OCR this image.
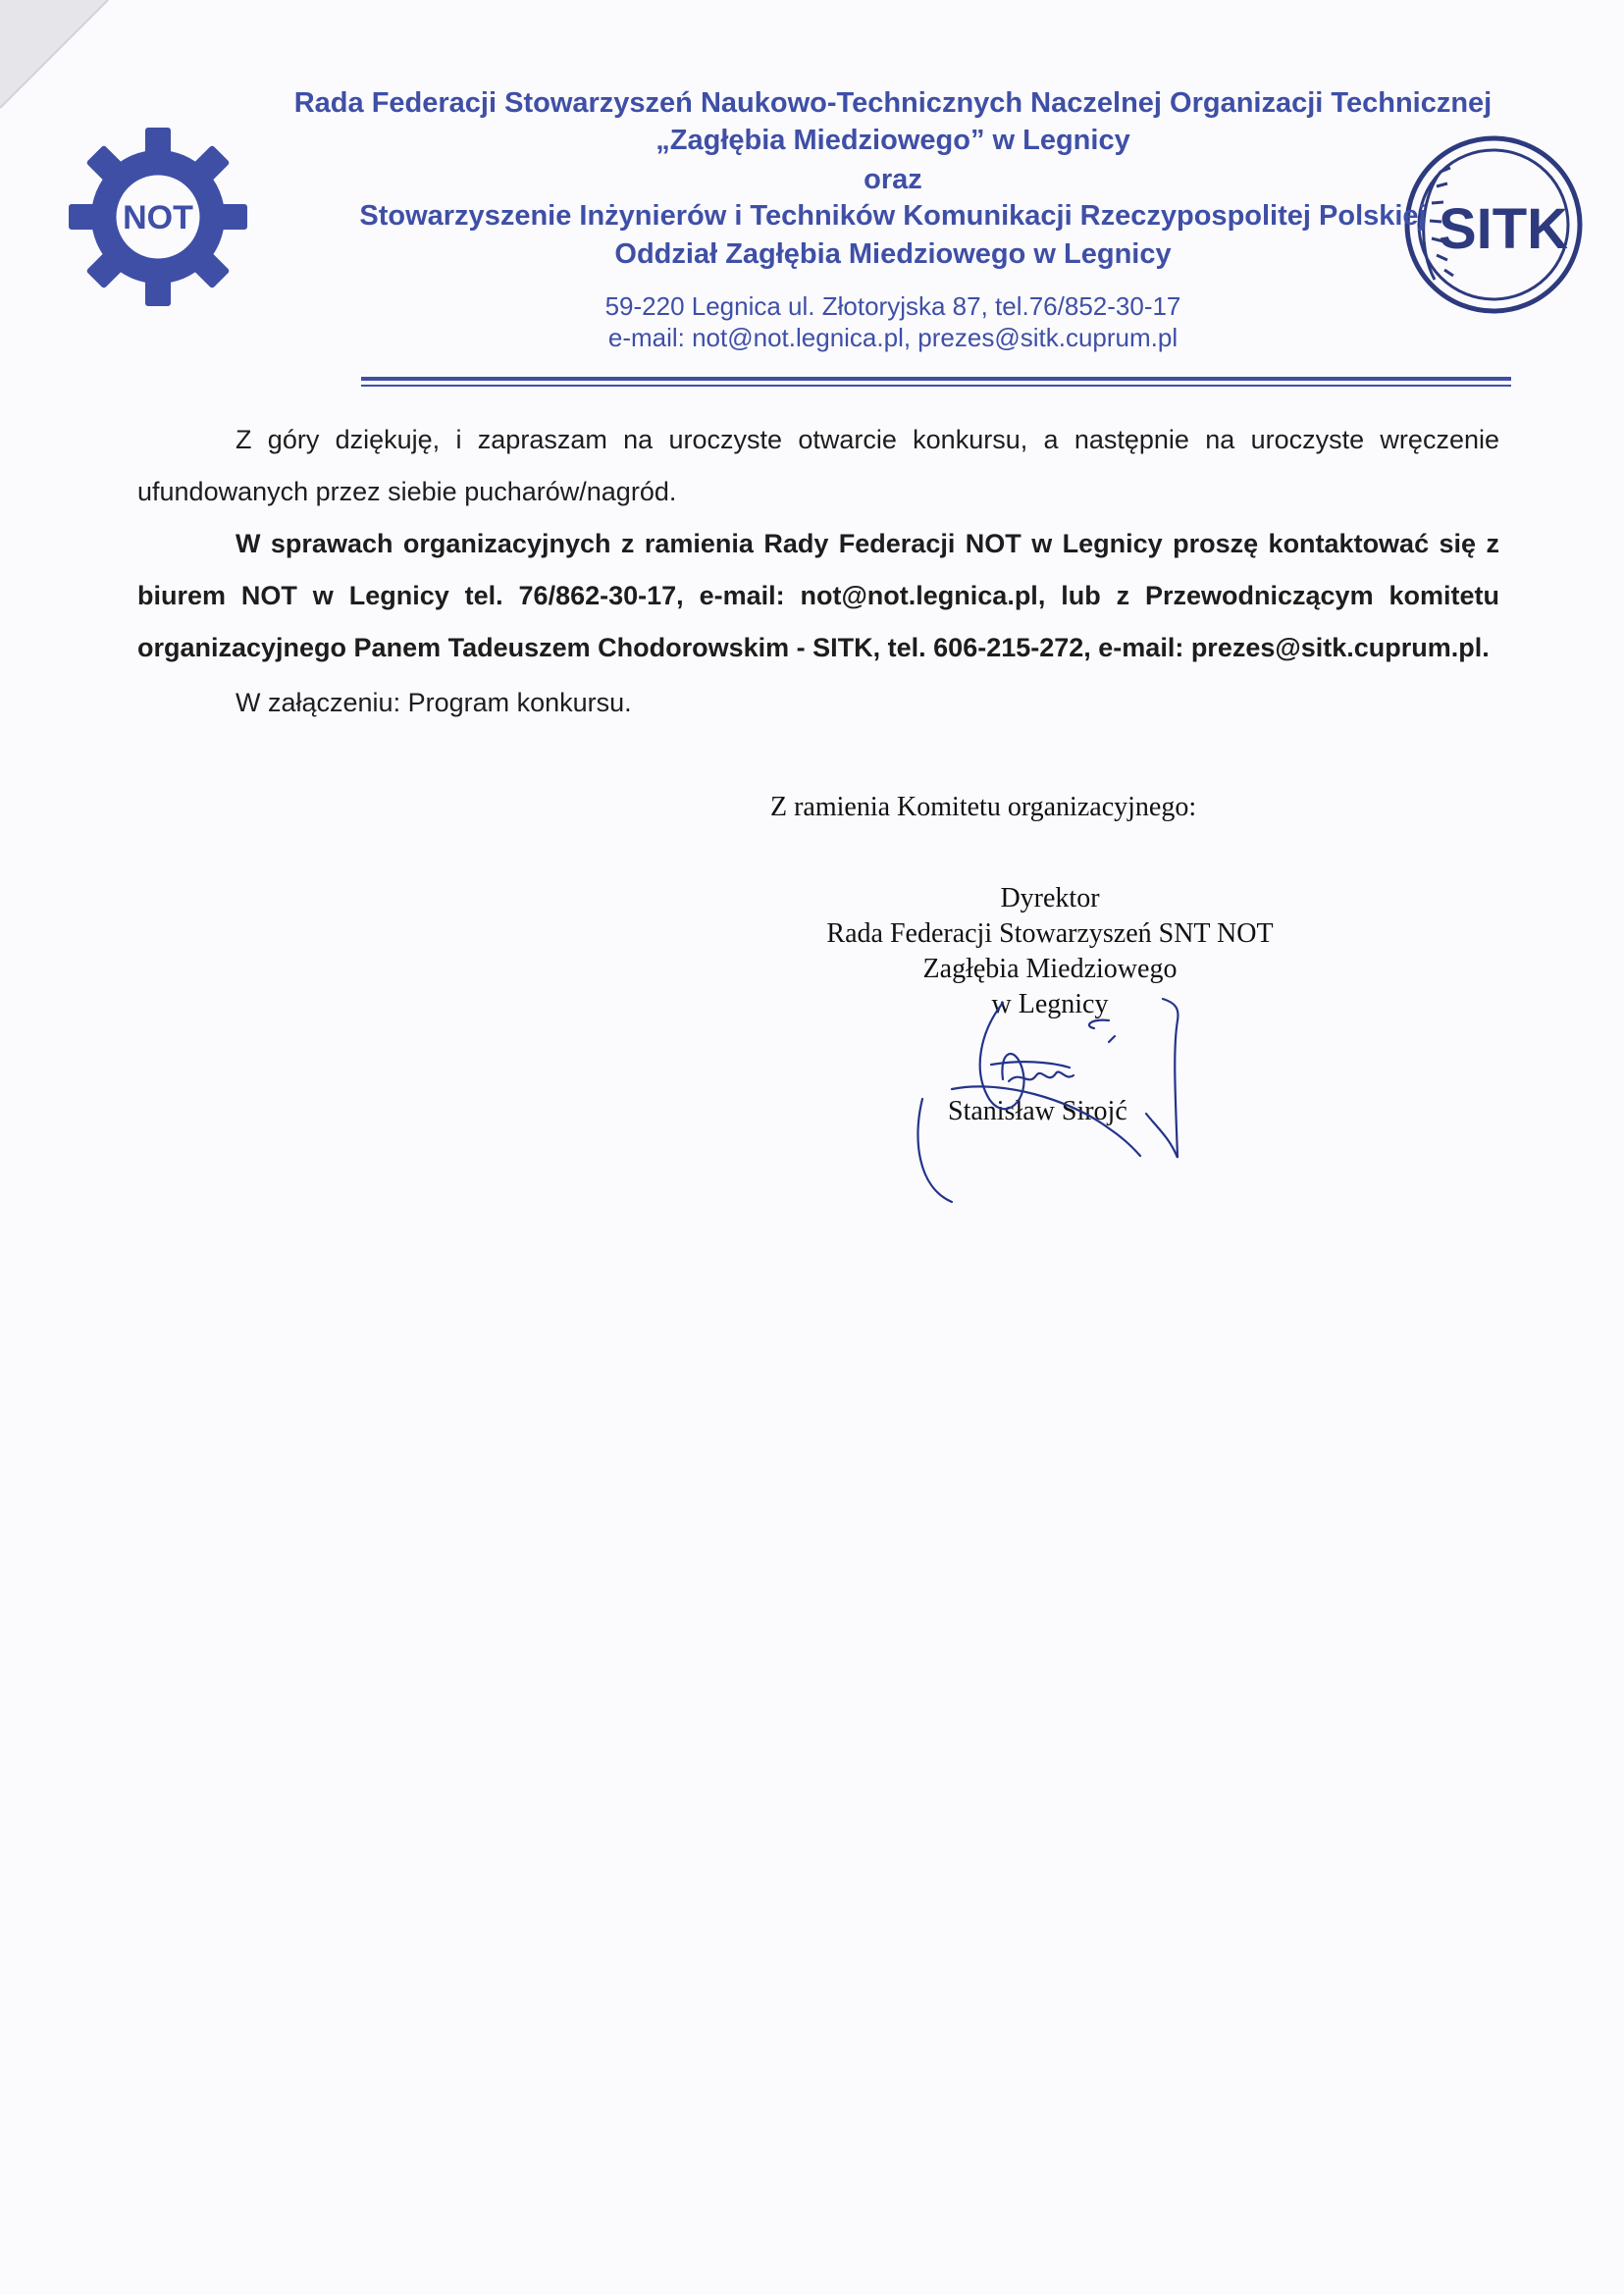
NOT	SITK
Rada Federacji Stowarzyszeń Naukowo-Technicznych Naczelnej Organizacji Technicznej
„Zagłębia Miedziowego” w Legnicy
oraz
Stowarzyszenie Inżynierów i Techników Komunikacji Rzeczypospolitej Polskiej
Oddział Zagłębia Miedziowego w Legnicy
59-220 Legnica ul. Złotoryjska 87, tel.76/852-30-17
e-mail: not@not.legnica.pl, prezes@sitk.cuprum.pl
Z góry dziękuję, i zapraszam na uroczyste otwarcie konkursu, a następnie na uroczyste wręczenie ufundowanych przez siebie pucharów/nagród.
W sprawach organizacyjnych z ramienia Rady Federacji NOT w Legnicy proszę kontaktować się z biurem NOT w Legnicy tel. 76/862-30-17, e-mail: not@not.legnica.pl, lub z Przewodniczącym komitetu organizacyjnego Panem Tadeuszem Chodorowskim - SITK, tel. 606-215-272, e-mail: prezes@sitk.cuprum.pl.
W załączeniu: Program konkursu.
Z ramienia Komitetu organizacyjnego:
Dyrektor
Rada Federacji Stowarzyszeń SNT NOT
Zagłębia Miedziowego
w Legnicy
Stanisław Sirojć
